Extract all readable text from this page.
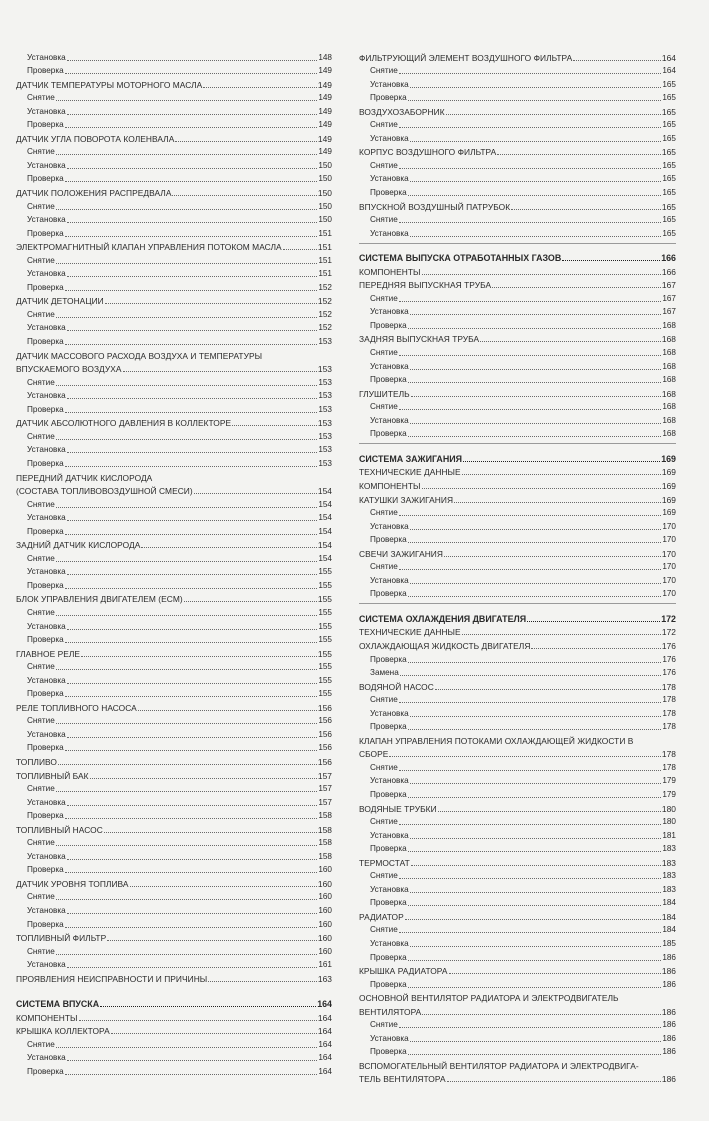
Установка	148
Проверка	149
ДАТЧИК ТЕМПЕРАТУРЫ МОТОРНОГО МАСЛА	149
Снятие	149
Установка	149
Проверка	149
ДАТЧИК УГЛА ПОВОРОТА КОЛЕНВАЛА	149
Снятие	149
Установка	150
Проверка	150
ДАТЧИК ПОЛОЖЕНИЯ РАСПРЕДВАЛА	150
Снятие	150
Установка	150
Проверка	151
ЭЛЕКТРОМАГНИТНЫЙ КЛАПАН УПРАВЛЕНИЯ ПОТОКОМ МАСЛА	151
Снятие	151
Установка	151
Проверка	152
ДАТЧИК ДЕТОНАЦИИ	152
Снятие	152
Установка	152
Проверка	153
ДАТЧИК МАССОВОГО РАСХОДА ВОЗДУХА И ТЕМПЕРАТУРЫ
ВПУСКАЕМОГО ВОЗДУХА	153
Снятие	153
Установка	153
Проверка	153
ДАТЧИК АБСОЛЮТНОГО ДАВЛЕНИЯ В КОЛЛЕКТОРЕ	153
Снятие	153
Установка	153
Проверка	153
ПЕРЕДНИЙ ДАТЧИК КИСЛОРОДА
(СОСТАВА ТОПЛИВОВОЗДУШНОЙ СМЕСИ)	154
Снятие	154
Установка	154
Проверка	154
ЗАДНИЙ ДАТЧИК КИСЛОРОДА	154
Снятие	154
Установка	155
Проверка	155
БЛОК УПРАВЛЕНИЯ ДВИГАТЕЛЕМ (ECM)	155
Снятие	155
Установка	155
Проверка	155
ГЛАВНОЕ РЕЛЕ	155
Снятие	155
Установка	155
Проверка	155
РЕЛЕ ТОПЛИВНОГО НАСОСА	156
Снятие	156
Установка	156
Проверка	156
ТОПЛИВО	156
ТОПЛИВНЫЙ БАК	157
Снятие	157
Установка	157
Проверка	158
ТОПЛИВНЫЙ НАСОС	158
Снятие	158
Установка	158
Проверка	160
ДАТЧИК УРОВНЯ ТОПЛИВА	160
Снятие	160
Установка	160
Проверка	160
ТОПЛИВНЫЙ ФИЛЬТР	160
Снятие	160
Установка	161
ПРОЯВЛЕНИЯ НЕИСПРАВНОСТИ И ПРИЧИНЫ	163
СИСТЕМА ВПУСКА	164
КОМПОНЕНТЫ	164
КРЫШКА КОЛЛЕКТОРА	164
Снятие	164
Установка	164
Проверка	164
ФИЛЬТРУЮЩИЙ ЭЛЕМЕНТ ВОЗДУШНОГО ФИЛЬТРА	164
Снятие	164
Установка	165
Проверка	165
ВОЗДУХОЗАБОРНИК	165
Снятие	165
Установка	165
КОРПУС ВОЗДУШНОГО ФИЛЬТРА	165
Снятие	165
Установка	165
Проверка	165
ВПУСКНОЙ ВОЗДУШНЫЙ ПАТРУБОК	165
Снятие	165
Установка	165
СИСТЕМА ВЫПУСКА ОТРАБОТАННЫХ ГАЗОВ	166
КОМПОНЕНТЫ	166
ПЕРЕДНЯЯ ВЫПУСКНАЯ ТРУБА	167
Снятие	167
Установка	167
Проверка	168
ЗАДНЯЯ ВЫПУСКНАЯ ТРУБА	168
Снятие	168
Установка	168
Проверка	168
ГЛУШИТЕЛЬ	168
Снятие	168
Установка	168
Проверка	168
СИСТЕМА ЗАЖИГАНИЯ	169
ТЕХНИЧЕСКИЕ ДАННЫЕ	169
КОМПОНЕНТЫ	169
КАТУШКИ ЗАЖИГАНИЯ	169
Снятие	169
Установка	170
Проверка	170
СВЕЧИ ЗАЖИГАНИЯ	170
Снятие	170
Установка	170
Проверка	170
СИСТЕМА ОХЛАЖДЕНИЯ ДВИГАТЕЛЯ	172
ТЕХНИЧЕСКИЕ ДАННЫЕ	172
ОХЛАЖДАЮЩАЯ ЖИДКОСТЬ ДВИГАТЕЛЯ	176
Проверка	176
Замена	176
ВОДЯНОЙ НАСОС	178
Снятие	178
Установка	178
Проверка	178
КЛАПАН УПРАВЛЕНИЯ ПОТОКАМИ ОХЛАЖДАЮЩЕЙ ЖИДКОСТИ В
СБОРЕ	178
Снятие	178
Установка	179
Проверка	179
ВОДЯНЫЕ ТРУБКИ	180
Снятие	180
Установка	181
Проверка	183
ТЕРМОСТАТ	183
Снятие	183
Установка	183
Проверка	184
РАДИАТОР	184
Снятие	184
Установка	185
Проверка	186
КРЫШКА РАДИАТОРА	186
Проверка	186
ОСНОВНОЙ ВЕНТИЛЯТОР РАДИАТОРА И ЭЛЕКТРОДВИГАТЕЛЬ
ВЕНТИЛЯТОРА	186
Снятие	186
Установка	186
Проверка	186
ВСПОМОГАТЕЛЬНЫЙ ВЕНТИЛЯТОР РАДИАТОРА И ЭЛЕКТРОДВИГА-
ТЕЛЬ ВЕНТИЛЯТОРА	186
